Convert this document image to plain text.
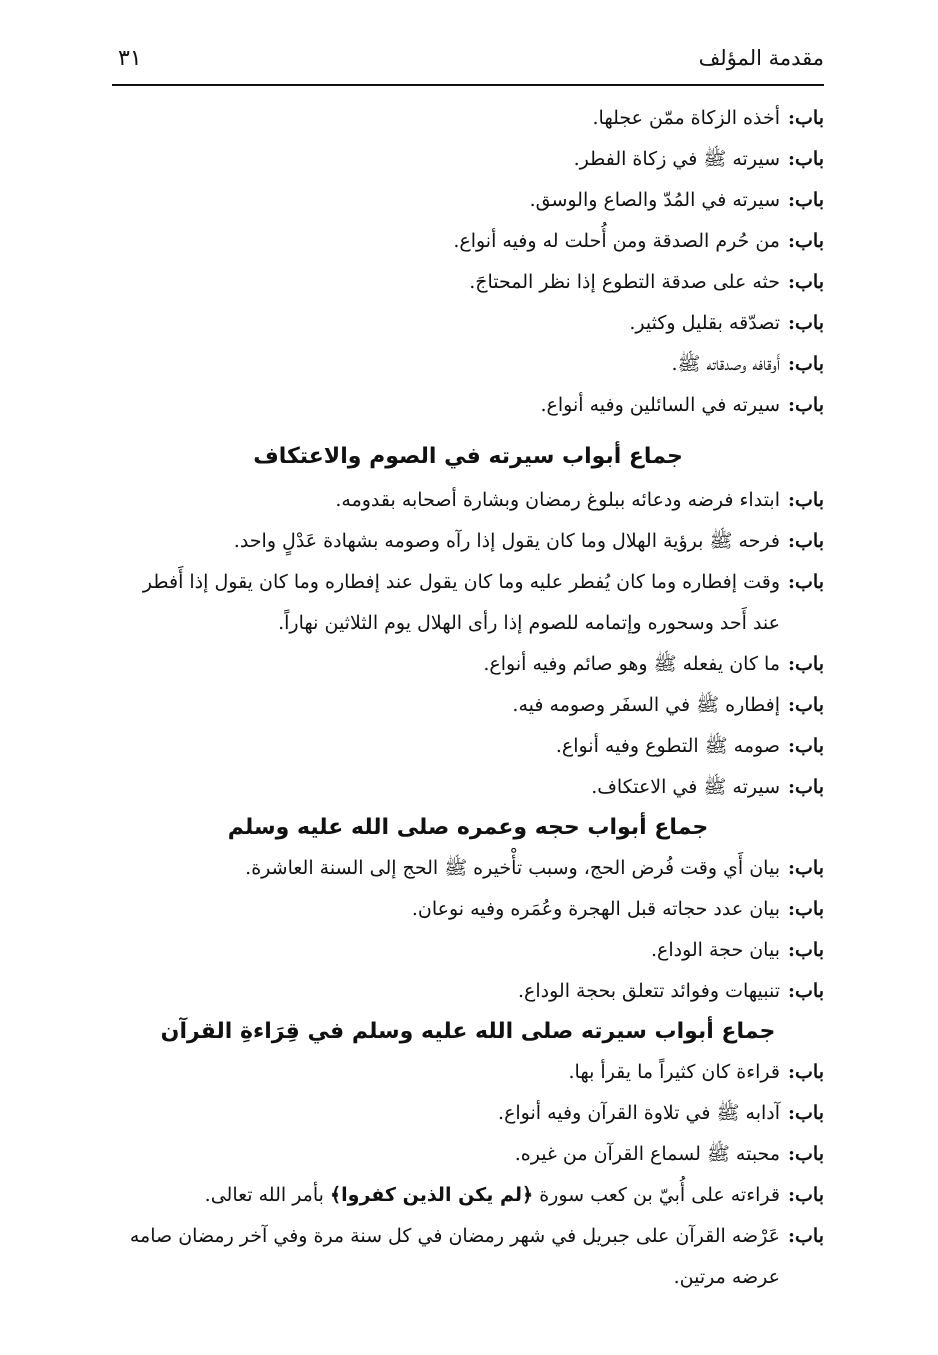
مقدمة المؤلف
٣١
باب:
أخذه الزكاة ممّن عجلها.
باب:
سيرته ﷺ في زكاة الفطر.
باب:
سيرته في المُدّ والصاع والوسق.
باب:
من حُرم الصدقة ومن أُحلت له وفيه أنواع.
باب:
حثه على صدقة التطوع إذا نظر المحتاجَ.
باب:
تصدّقه بقليل وكثير.
باب:
أَوقافه وصدقاته ﷺ.
باب:
سيرته في السائلين وفيه أنواع.
جماع أبواب سيرته في الصوم والاعتكاف
باب:
ابتداء فرضه ودعائه ببلوغ رمضان وبشارة أصحابه بقدومه.
باب:
فرحه ﷺ برؤية الهلال وما كان يقول إذا رآه وصومه بشهادة عَدْلٍ واحد.
باب:
وقت إفطاره وما كان يُفطر عليه وما كان يقول عند إفطاره وما كان يقول إذا أَفطر عند أَحد وسحوره وإتمامه للصوم إذا رأى الهلال يوم الثلاثين نهاراً.
باب:
ما كان يفعله ﷺ وهو صائم وفيه أنواع.
باب:
إفطاره ﷺ في السفَر وصومه فيه.
باب:
صومه ﷺ التطوع وفيه أنواع.
باب:
سيرته ﷺ في الاعتكاف.
جماع أبواب حجه وعمره صلى الله عليه وسلم
باب:
بيان أَي وقت فُرض الحج، وسبب تأْخيره ﷺ الحج إلى السنة العاشرة.
باب:
بيان عدد حجاته قبل الهجرة وعُمَره وفيه نوعان.
باب:
بيان حجة الوداع.
باب:
تنبيهات وفوائد تتعلق بحجة الوداع.
جماع أبواب سيرته صلى الله عليه وسلم في قِرَاءةِ القرآن
باب:
قراءة كان كثيراً ما يقرأ بها.
باب:
آدابه ﷺ في تلاوة القرآن وفيه أنواع.
باب:
محبته ﷺ لسماع القرآن من غيره.
باب:
قراءته على أُبيّ بن كعب سورة ﴿لم يكن الذين كفروا﴾ بأمر الله تعالى.
باب:
عَرْضه القرآن على جبريل في شهر رمضان في كل سنة مرة وفي آخر رمضان صامه عرضه مرتين.
